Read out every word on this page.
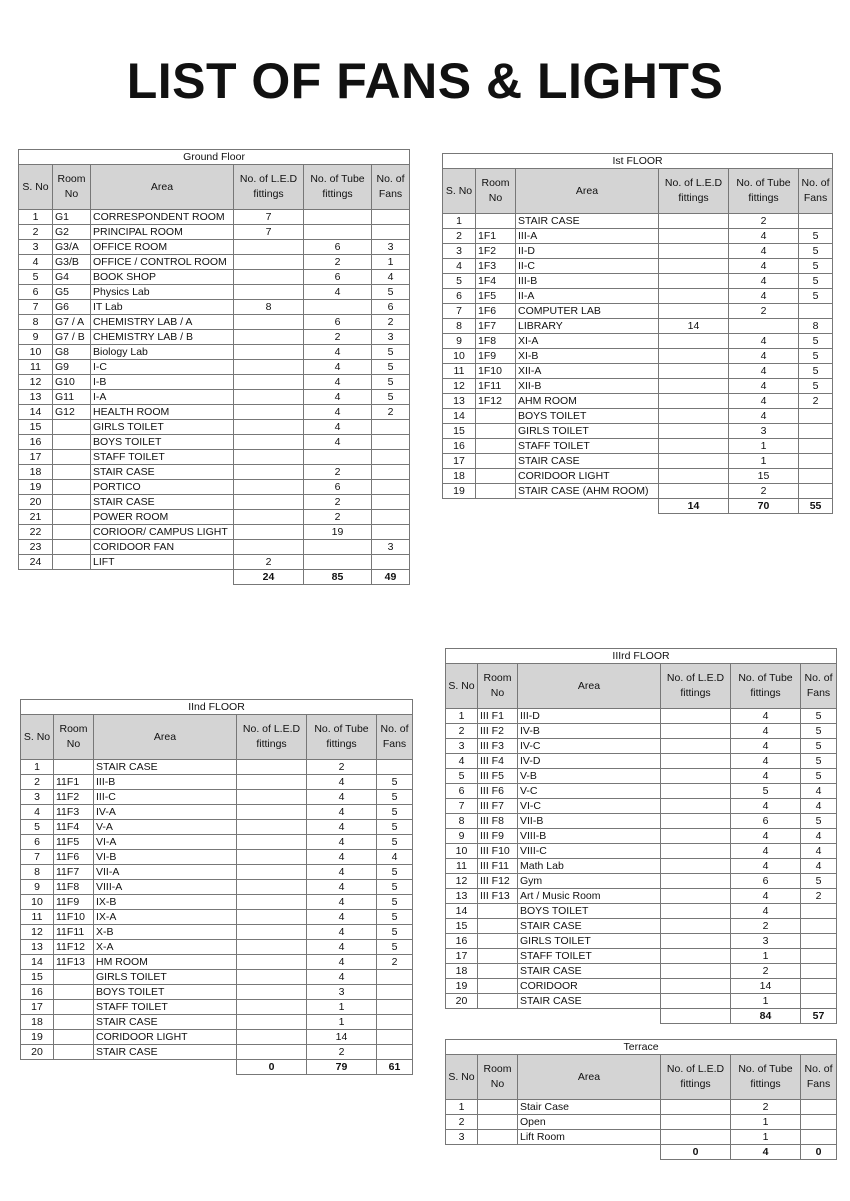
LIST OF FANS & LIGHTS
Ground Floor					
S. No	Room No	Area	No. of L.E.D fittings	No. of Tube fittings	No. of Fans
1	G1	CORRESPONDENT ROOM	7		
2	G2	PRINCIPAL ROOM	7		
3	G3/A	OFFICE ROOM		6	3
4	G3/B	OFFICE / CONTROL ROOM		2	1
5	G4	BOOK SHOP		6	4
6	G5	Physics Lab		4	5
7	G6	IT Lab	8		6
8	G7 / A	CHEMISTRY LAB / A		6	2
9	G7 / B	CHEMISTRY LAB / B		2	3
10	G8	Biology Lab		4	5
11	G9	I-C		4	5
12	G10	I-B		4	5
13	G11	I-A		4	5
14	G12	HEALTH ROOM		4	2
15		GIRLS TOILET		4	
16		BOYS TOILET		4	
17		STAFF TOILET			
18		STAIR CASE		2	
19		PORTICO		6	
20		STAIR CASE		2	
21		POWER ROOM		2	
22		CORIOOR/ CAMPUS LIGHT		19	
23		CORIDOOR FAN			3
24		LIFT	2		
			24	85	49
Ist FLOOR					
S. No	Room No	Area	No. of L.E.D fittings	No. of Tube fittings	No. of Fans
1		STAIR CASE		2	
2	1F1	III-A		4	5
3	1F2	II-D		4	5
4	1F3	II-C		4	5
5	1F4	III-B		4	5
6	1F5	II-A		4	5
7	1F6	COMPUTER LAB		2	
8	1F7	LIBRARY	14		8
9	1F8	XI-A		4	5
10	1F9	XI-B		4	5
11	1F10	XII-A		4	5
12	1F11	XII-B		4	5
13	1F12	AHM ROOM		4	2
14		BOYS TOILET		4	
15		GIRLS TOILET		3	
16		STAFF TOILET		1	
17		STAIR CASE		1	
18		CORIDOOR LIGHT		15	
19		STAIR CASE (AHM ROOM)		2	
			14	70	55
IInd FLOOR					
S. No	Room No	Area	No. of L.E.D fittings	No. of Tube fittings	No. of Fans
1		STAIR CASE		2	
2	11F1	III-B		4	5
3	11F2	III-C		4	5
4	11F3	IV-A		4	5
5	11F4	V-A		4	5
6	11F5	VI-A		4	5
7	11F6	VI-B		4	4
8	11F7	VII-A		4	5
9	11F8	VIII-A		4	5
10	11F9	IX-B		4	5
11	11F10	IX-A		4	5
12	11F11	X-B		4	5
13	11F12	X-A		4	5
14	11F13	HM ROOM		4	2
15		GIRLS TOILET		4	
16		BOYS TOILET		3	
17		STAFF TOILET		1	
18		STAIR CASE		1	
19		CORIDOOR LIGHT		14	
20		STAIR CASE		2	
			0	79	61
IIIrd FLOOR					
S. No	Room No	Area	No. of L.E.D fittings	No. of Tube fittings	No. of Fans
1	III F1	III-D		4	5
2	III F2	IV-B		4	5
3	III F3	IV-C		4	5
4	III F4	IV-D		4	5
5	III F5	V-B		4	5
6	III F6	V-C		5	4
7	III F7	VI-C		4	4
8	III F8	VII-B		6	5
9	III F9	VIII-B		4	4
10	III F10	VIII-C		4	4
11	III F11	Math Lab		4	4
12	III F12	Gym		6	5
13	III F13	Art / Music Room		4	2
14		BOYS TOILET		4	
15		STAIR CASE		2	
16		GIRLS TOILET		3	
17		STAFF TOILET		1	
18		STAIR CASE		2	
19		CORIDOOR		14	
20		STAIR CASE		1	
				84	57
Terrace					
S. No	Room No	Area	No. of L.E.D fittings	No. of Tube fittings	No. of Fans
1		Stair Case		2	
2		Open		1	
3		Lift Room		1	
			0	4	0
